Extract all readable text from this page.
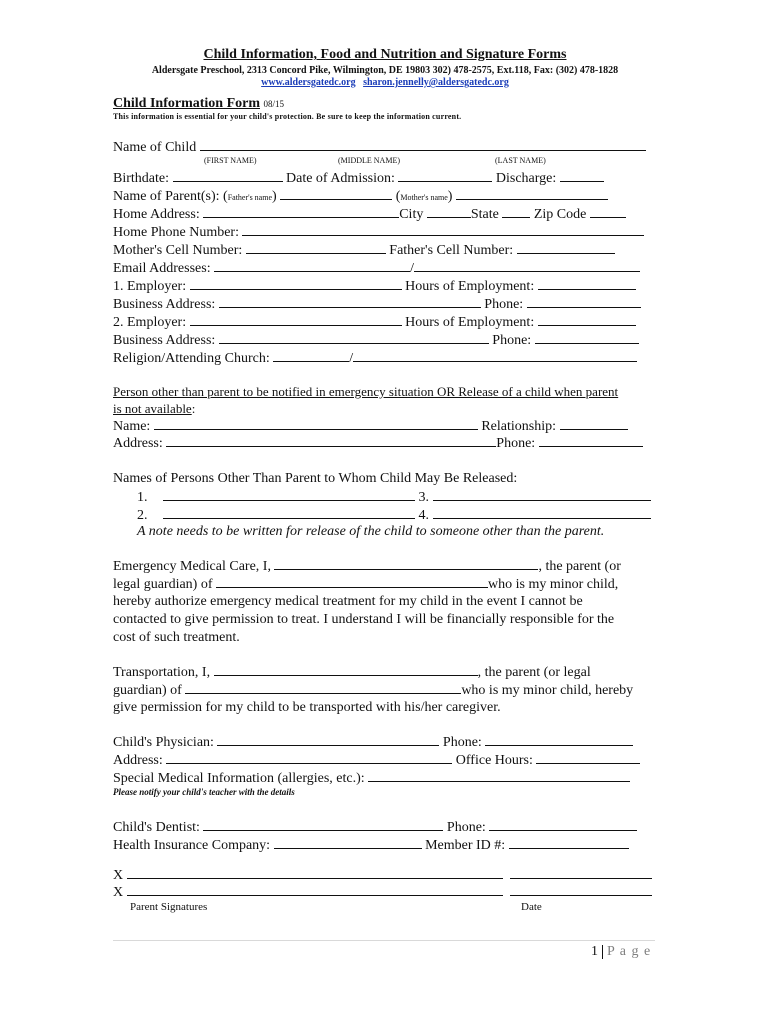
Child Information, Food and Nutrition and Signature Forms
Aldersgate Preschool, 2313 Concord Pike, Wilmington, DE 19803 302) 478-2575, Ext.118, Fax: (302) 478-1828
www.aldersgatedc.org sharon.jennelly@aldersgatedc.org
Child Information Form 08/15
This information is essential for your child's protection. Be sure to keep the information current.
Name of Child
(FIRST NAME)	(MIDDLE NAME)	(LAST NAME)
Birthdate:	Date of Admission:	Discharge:
Name of Parent(s): (Father's name)	(Mother's name)
Home Address:	City	State	Zip Code
Home Phone Number:
Mother's Cell Number:	Father's Cell Number:
Email Addresses:	/
1. Employer:	Hours of Employment:
Business Address:	Phone:
2. Employer:	Hours of Employment:
Business Address:	Phone:
Religion/Attending Church:	/
Person other than parent to be notified in emergency situation OR Release of a child when parent
is not available:
Name:	Relationship:
Address:	Phone:
Names of Persons Other Than Parent to Whom Child May Be Released:
1.	3.
2.	4.
A note needs to be written for release of the child to someone other than the parent.
Emergency Medical Care, I,	, the parent (or
legal guardian) of	who is my minor child,
hereby authorize emergency medical treatment for my child in the event I cannot be
contacted to give permission to treat. I understand I will be financially responsible for the
cost of such treatment.
Transportation, I,	, the parent (or legal
guardian) of	who is my minor child, hereby
give permission for my child to be transported with his/her caregiver.
Child's Physician:	Phone:
Address:	Office Hours:
Special Medical Information (allergies, etc.):
Please notify your child's teacher with the details
Child's Dentist:	Phone:
Health Insurance Company:	Member ID #:
X
X
Parent Signatures	Date
1 P a g e
